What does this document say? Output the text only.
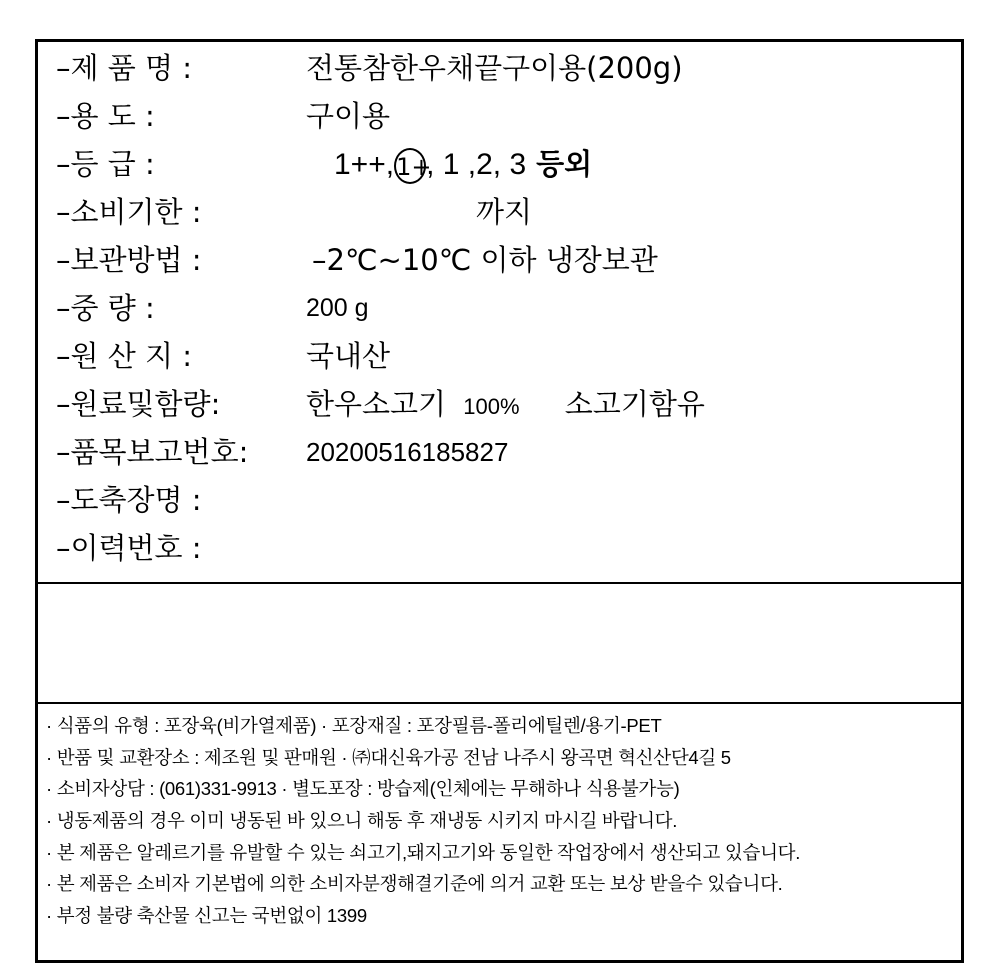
–제 품 명 :	전통참한우채끝구이용(200g)
–용 도 :	구이용
–등 급 :	1++,1+, 1 ,2, 3 등외
–소비기한 :	까지
–보관방법 :	–2℃~10℃ 이하 냉장보관
–중 량 :	200 g
–원 산 지 :	국내산
–원료및함량:	한우소고기 100% 소고기함유
–품목보고번호: 20200516185827
–도축장명 :
–이력번호 :
· 식품의 유형 : 포장육(비가열제품) · 포장재질 : 포장필름-폴리에틸렌/용기-PET
· 반품 및 교환장소 : 제조원 및 판매원 · ㈜대신육가공 전남 나주시 왕곡면 혁신산단4길 5
· 소비자상담 : (061)331-9913 · 별도포장 : 방습제(인체에는 무해하나 식용불가능)
· 냉동제품의 경우 이미 냉동된 바 있으니 해동 후 재냉동 시키지 마시길 바랍니다.
· 본 제품은 알레르기를 유발할 수 있는 쇠고기,돼지고기와 동일한 작업장에서 생산되고 있습니다.
· 본 제품은 소비자 기본법에 의한 소비자분쟁해결기준에 의거 교환 또는 보상 받을수 있습니다.
· 부정 불량 축산물 신고는 국번없이 1399
